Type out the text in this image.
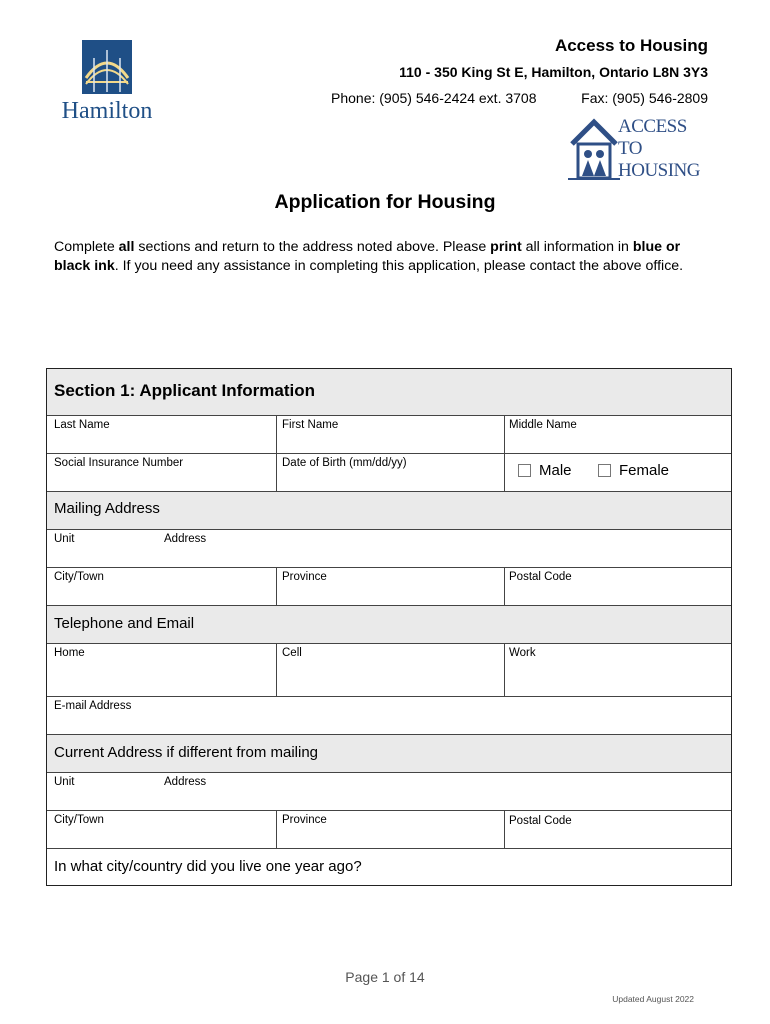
Hamilton
Access to Housing
110 - 350 King St E, Hamilton, Ontario L8N 3Y3
Phone: (905) 546-2424 ext. 3708	Fax: (905) 546-2809
ACCESS
TO
HOUSING
Application for Housing
Complete all sections and return to the address noted above. Please print all information in blue or black ink. If you need any assistance in completing this application, please contact the above office.
Section 1: Applicant Information
Last Name	First Name	Middle Name
Social Insurance Number	Date of Birth (mm/dd/yy)	Male	Female
Mailing Address
Unit	Address
City/Town	Province	Postal Code
Telephone and Email
Home	Cell	Work
E-mail Address
Current Address if different from mailing
Unit	Address
City/Town	Province	Postal Code
In what city/country did you live one year ago?
Page 1 of 14
Updated August 2022
